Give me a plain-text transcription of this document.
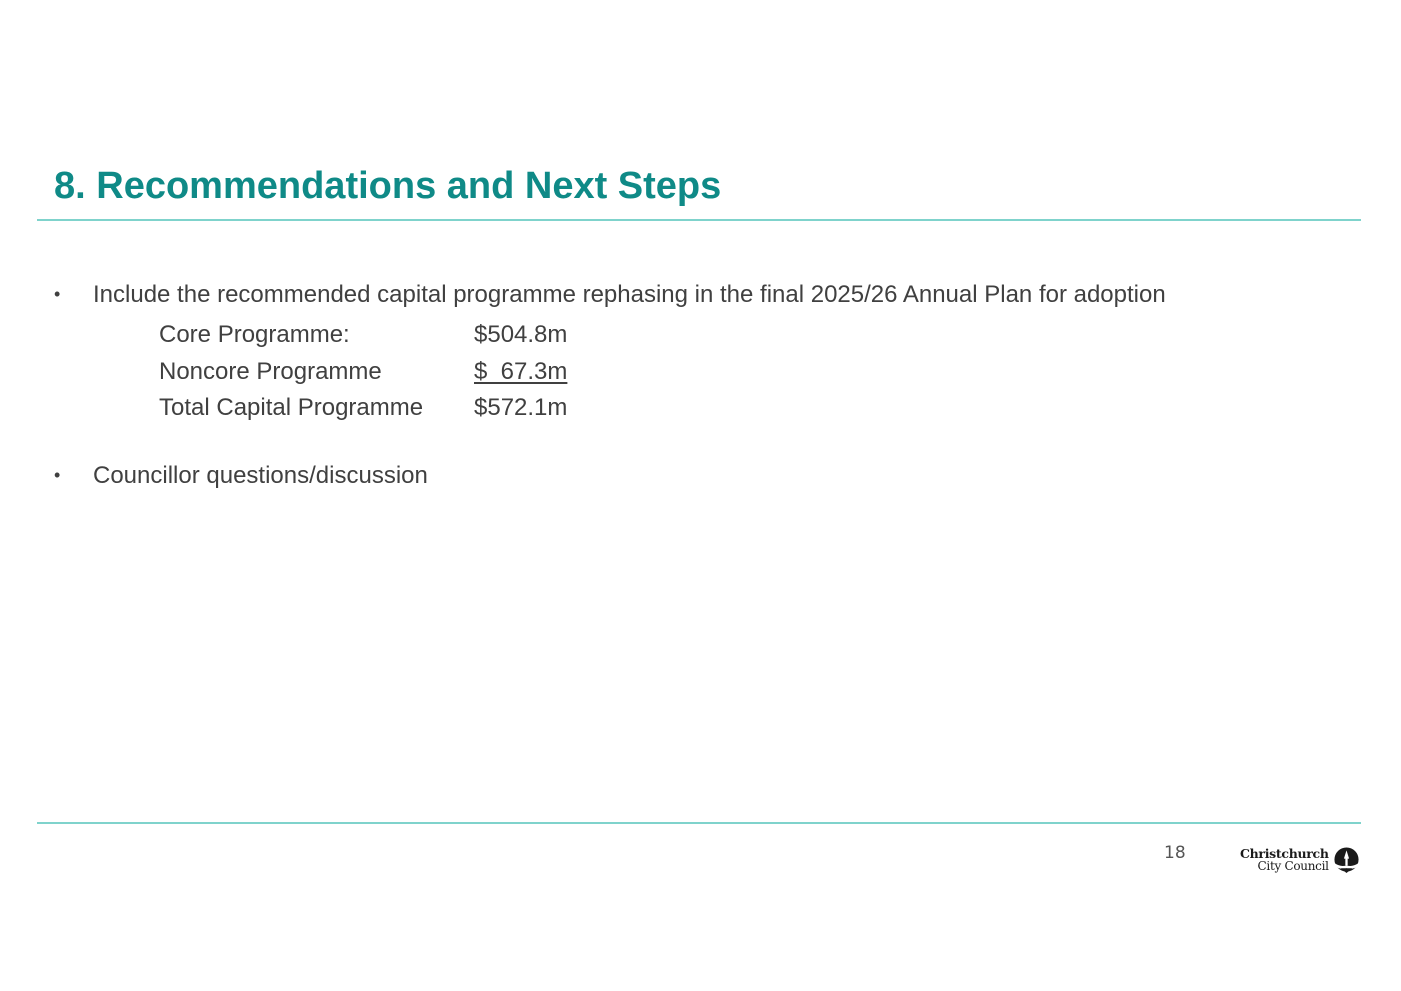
8. Recommendations and Next Steps
•	Include the recommended capital programme rephasing in the final 2025/26 Annual Plan for adoption
Core Programme:	$504.8m
Noncore Programme	$  67.3m
Total Capital Programme	$572.1m
•	Councillor questions/discussion
18	Christchurch
City Council
